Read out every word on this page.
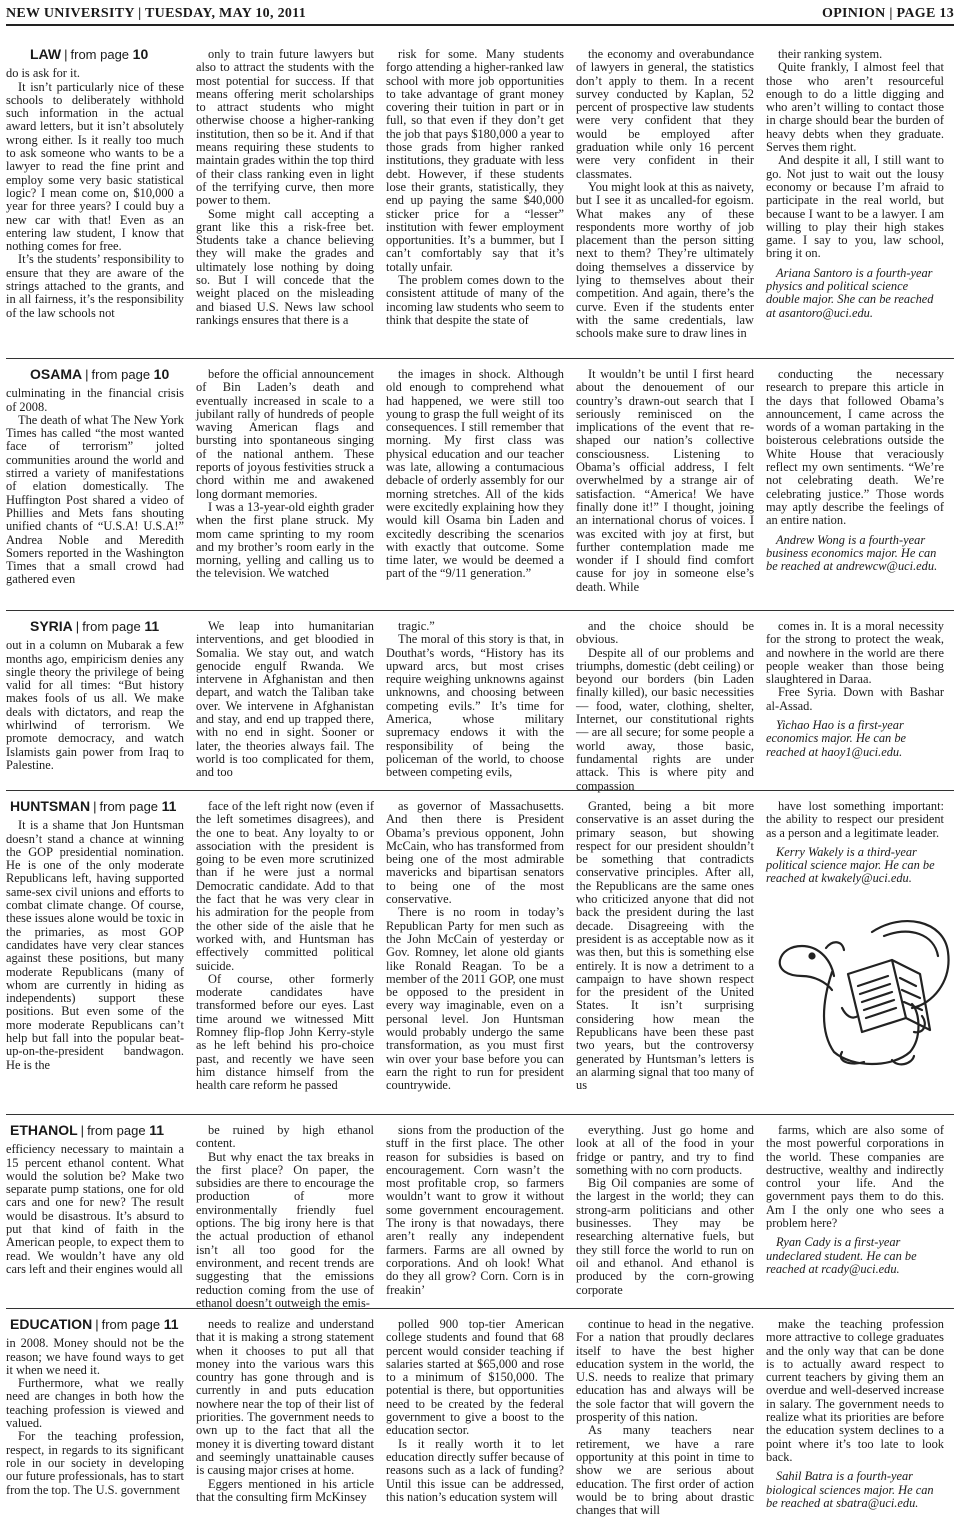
NEW UNIVERSITY | TUESDAY, MAY 10, 2011	OPINION | PAGE 13
LAW | from page 10

do is ask for it.

It isn’t particularly nice of these schools to deliberately withhold such information in the actual award letters, but it isn’t absolutely wrong either. Is it really too much to ask someone who wants to be a lawyer to read the fine print and employ some very basic statistical logic? I mean come on, $10,000 a year for three years? I could buy a new car with that! Even as an entering law student, I know that nothing comes for free.

It’s the students’ responsibility to ensure that they are aware of the strings attached to the grants, and in all fairness, it’s the responsibility of the law schools not

only to train future lawyers but also to attract the students with the most potential for success. If that means offering merit scholarships to attract students who might otherwise choose a higher-ranking institution, then so be it. And if that means requiring these students to maintain grades within the top third of their class ranking even in light of the terrifying curve, then more power to them.

Some might call accepting a grant like this a risk-free bet. Students take a chance believing they will make the grades and ultimately lose nothing by doing so. But I will concede that the weight placed on the misleading and biased U.S. News law school rankings ensures that there is a

risk for some. Many students forgo attending a higher-ranked law school with more job opportunities to take advantage of grant money covering their tuition in part or in full, so that even if they don’t get the job that pays $180,000 a year to those grads from higher ranked institutions, they graduate with less debt. However, if these students lose their grants, statistically, they end up paying the same $40,000 sticker price for a “lesser” institution with fewer employment opportunities. It’s a bummer, but I can’t comfortably say that it’s totally unfair.

The problem comes down to the consistent attitude of many of the incoming law students who seem to think that despite the state of

the economy and overabundance of lawyers in general, the statistics don’t apply to them. In a recent survey conducted by Kaplan, 52 percent of prospective law students were very confident that they would be employed after graduation while only 16 percent were very confident in their classmates.

You might look at this as naivety, but I see it as uncalled-for egoism. What makes any of these respondents more worthy of job placement than the person sitting next to them? They’re ultimately doing themselves a disservice by lying to themselves about their competition. And again, there’s the curve. Even if the students enter with the same credentials, law schools make sure to draw lines in

their ranking system.

Quite frankly, I almost feel that those who aren’t resourceful enough to do a little digging and who aren’t willing to contact those in charge should bear the burden of heavy debts when they graduate. Serves them right.

And despite it all, I still want to go. Not just to wait out the lousy economy or because I’m afraid to participate in the real world, but because I want to be a lawyer. I am willing to play their high stakes game. I say to you, law school, bring it on.

Ariana Santoro is a fourth-year physics and political science double major. She can be reached at asantoro@uci.edu.

OSAMA | from page 10

culminating in the financial crisis of 2008.

The death of what The New York Times has called “the most wanted face of terrorism” jolted communities around the world and stirred a variety of manifestations of elation domestically. The Huffington Post shared a video of Phillies and Mets fans shouting unified chants of “U.S.A! U.S.A!” Andrea Noble and Meredith Somers reported in the Washington Times that a small crowd had gathered even

before the official announcement of Bin Laden’s death and eventually increased in scale to a jubilant rally of hundreds of people waving American flags and bursting into spontaneous singing of the national anthem. These reports of joyous festivities struck a chord within me and awakened long dormant memories.

I was a 13-year-old eighth grader when the first plane struck. My mom came sprinting to my room and my brother’s room early in the morning, yelling and calling us to the television. We watched

the images in shock. Although old enough to comprehend what had happened, we were still too young to grasp the full weight of its consequences. I still remember that morning. My first class was physical education and our teacher was late, allowing a contumacious debacle of orderly assembly for our morning stretches. All of the kids were excitedly explaining how they would kill Osama bin Laden and excitedly describing the scenarios with exactly that outcome. Some time later, we would be deemed a part of the “9/11 generation.”

It wouldn’t be until I first heard about the denouement of our country’s drawn-out search that I seriously reminisced on the implications of the event that re-shaped our nation’s collective consciousness. Listening to Obama’s official address, I felt overwhelmed by a strange air of satisfaction. “America! We have finally done it!” I thought, joining an international chorus of voices. I was excited with joy at first, but further contemplation made me wonder if I should find comfort cause for joy in someone else’s death. While

conducting the necessary research to prepare this article in the days that followed Obama’s announcement, I came across the words of a woman partaking in the boisterous celebrations outside the White House that veraciously reflect my own sentiments. “We’re not celebrating death. We’re celebrating justice.” Those words may aptly describe the feelings of an entire nation.

Andrew Wong is a fourth-year business economics major. He can be reached at andrewcw@uci.edu.

SYRIA | from page 11

out in a column on Mubarak a few months ago, empiricism denies any single theory the privilege of being valid for all times: “But history makes fools of us all. We make deals with dictators, and reap the whirlwind of terrorism. We promote democracy, and watch Islamists gain power from Iraq to Palestine.

We leap into humanitarian interventions, and get bloodied in Somalia. We stay out, and watch genocide engulf Rwanda. We intervene in Afghanistan and then depart, and watch the Taliban take over. We intervene in Afghanistan and stay, and end up trapped there, with no end in sight. Sooner or later, the theories always fail. The world is too complicated for them, and too

tragic.”

The moral of this story is that, in Douthat’s words, “History has its upward arcs, but most crises require weighing unknowns against unknowns, and choosing between competing evils.” It’s time for America, whose military supremacy endows it with the responsibility of being the policeman of the world, to choose between competing evils,

and the choice should be obvious.

Despite all of our problems and triumphs, domestic (debt ceiling) or beyond our borders (bin Laden finally killed), our basic necessities — food, water, clothing, shelter, Internet, our constitutional rights — are all secure; for some people a world away, those basic, fundamental rights are under attack. This is where pity and compassion

comes in. It is a moral necessity for the strong to protect the weak, and nowhere in the world are there people weaker than those being slaughtered in Daraa.

Free Syria. Down with Bashar al-Assad.

Yichao Hao is a first-year economics major. He can be reached at haoy1@uci.edu.

HUNTSMAN | from page 11

It is a shame that Jon Huntsman doesn’t stand a chance at winning the GOP presidential nomination. He is one of the only moderate Republicans left, having supported same-sex civil unions and efforts to combat climate change. Of course, these issues alone would be toxic in the primaries, as most GOP candidates have very clear stances against these positions, but many moderate Republicans (many of whom are currently in hiding as independents) support these positions. But even some of the more moderate Republicans can’t help but fall into the popular beat-up-on-the-president bandwagon. He is the

face of the left right now (even if the left sometimes disagrees), and the one to beat. Any loyalty to or association with the president is going to be even more scrutinized than if he were just a normal Democratic candidate. Add to that the fact that he was very clear in his admiration for the people from the other side of the aisle that he worked with, and Huntsman has effectively committed political suicide.

Of course, other formerly moderate candidates have transformed before our eyes. Last time around we witnessed Mitt Romney flip-flop John Kerry-style as he left behind his pro-choice past, and recently we have seen him distance himself from the health care reform he passed

as governor of Massachusetts. And then there is President Obama’s previous opponent, John McCain, who has transformed from being one of the most admirable mavericks and bipartisan senators to being one of the most conservative.

There is no room in today’s Republican Party for men such as the John McCain of yesterday or Gov. Romney, let alone old giants like Ronald Reagan. To be a member of the 2011 GOP, one must be opposed to the president in every way imaginable, even on a personal level. Jon Huntsman would probably undergo the same transformation, as you must first win over your base before you can earn the right to run for president countrywide.

Granted, being a bit more conservative is an asset during the primary season, but showing respect for our president shouldn’t be something that contradicts conservative principles. After all, the Republicans are the same ones who criticized anyone that did not back the president during the last decade. Disagreeing with the president is as acceptable now as it was then, but this is something else entirely. It is now a detriment to a campaign to have shown respect for the president of the United States. It isn’t surprising considering how mean the Republicans have been these past two years, but the controversy generated by Huntsman’s letters is an alarming signal that too many of us

have lost something important: the ability to respect our president as a person and a legitimate leader.

Kerry Wakely is a third-year political science major. He can be reached at kwakely@uci.edu.

ETHANOL | from page 11

efficiency necessary to maintain a 15 percent ethanol content. What would the solution be? Make two separate pump stations, one for old cars and one for new? The result would be disastrous. It’s absurd to put that kind of faith in the American people, to expect them to read. We wouldn’t have any old cars left and their engines would all

be ruined by high ethanol content.

But why enact the tax breaks in the first place? On paper, the subsidies are there to encourage the production of more environmentally friendly fuel options. The big irony here is that the actual production of ethanol isn’t all too good for the environment, and recent trends are suggesting that the emissions reduction coming from the use of ethanol doesn’t outweigh the emis-

sions from the production of the stuff in the first place. The other reason for subsidies is based on encouragement. Corn wasn’t the most profitable crop, so farmers wouldn’t want to grow it without some government encouragement. The irony is that nowadays, there aren’t really any independent farmers. Farms are all owned by corporations. And oh look! What do they all grow? Corn. Corn is in freakin’

everything. Just go home and look at all of the food in your fridge or pantry, and try to find something with no corn products.

Big Oil companies are some of the largest in the world; they can strong-arm politicians and other businesses. They may be researching alternative fuels, but they still force the world to run on oil and ethanol. And ethanol is produced by the corn-growing corporate

farms, which are also some of the most powerful corporations in the world. These companies are destructive, wealthy and indirectly control your life. And the government pays them to do this. Am I the only one who sees a problem here?

Ryan Cady is a first-year undeclared student. He can be reached at rcady@uci.edu.

EDUCATION | from page 11

in 2008. Money should not be the reason; we have found ways to get it when we need it.

Furthermore, what we really need are changes in both how the teaching profession is viewed and valued.

For the teaching profession, respect, in regards to its significant role in our society in developing our future professionals, has to start from the top. The U.S. government

needs to realize and understand that it is making a strong statement when it chooses to put all that money into the various wars this country has gone through and is currently in and puts education nowhere near the top of their list of priorities. The government needs to own up to the fact that all the money it is diverting toward distant and seemingly unattainable causes is causing major crises at home.

Eggers mentioned in his article that the consulting firm McKinsey

polled 900 top-tier American college students and found that 68 percent would consider teaching if salaries started at $65,000 and rose to a minimum of $150,000. The potential is there, but opportunities need to be created by the federal government to give a boost to the education sector.

Is it really worth it to let education directly suffer because of reasons such as a lack of funding? Until this issue can be addressed, this nation’s education system will

continue to head in the negative. For a nation that proudly declares itself to have the best higher education system in the world, the U.S. needs to realize that primary education has and always will be the sole factor that will govern the prosperity of this nation.

As many teachers near retirement, we have a rare opportunity at this point in time to show we are serious about education. The first order of action would be to bring about drastic changes that will

make the teaching profession more attractive to college graduates and the only way that can be done is to actually award respect to current teachers by giving them an overdue and well-deserved increase in salary. The government needs to realize what its priorities are before the education system declines to a point where it’s too late to look back.

Sahil Batra is a fourth-year biological sciences major. He can be reached at sbatra@uci.edu.
